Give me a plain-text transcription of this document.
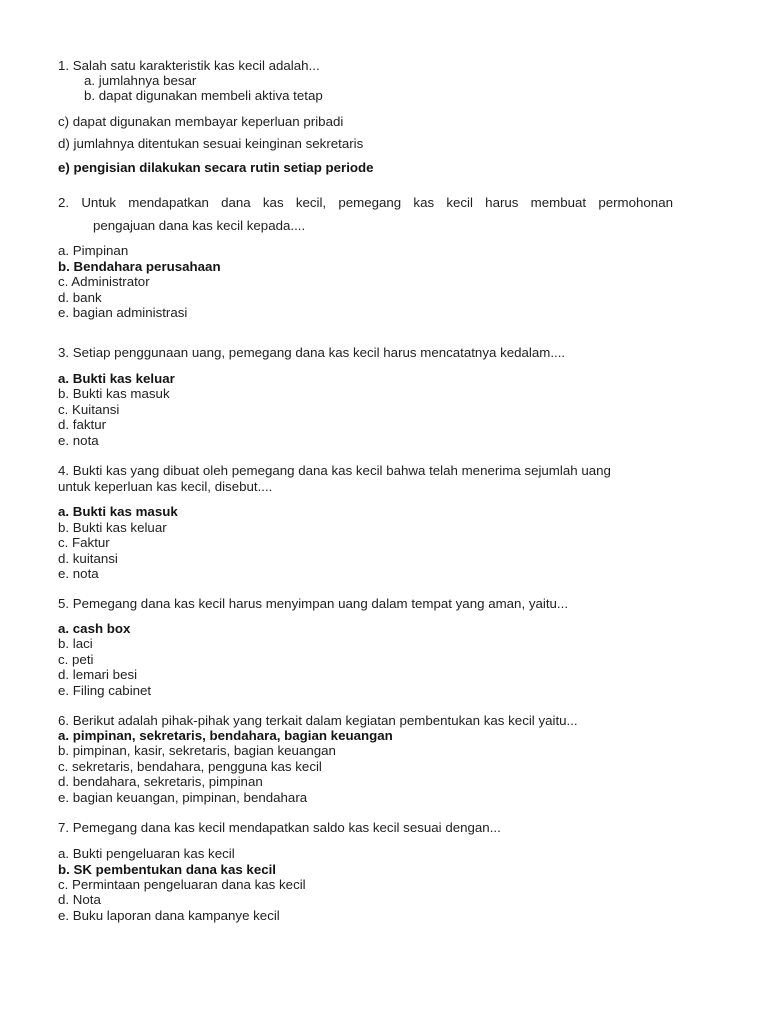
1. Salah satu karakteristik kas kecil adalah...
a. jumlahnya besar
b. dapat digunakan membeli aktiva tetap
c) dapat digunakan membayar keperluan pribadi
d) jumlahnya ditentukan sesuai keinginan sekretaris
e) pengisian dilakukan secara rutin setiap periode
2. Untuk mendapatkan dana kas kecil, pemegang kas kecil harus membuat permohonan
pengajuan dana kas kecil kepada....
a. Pimpinan
b. Bendahara perusahaan
c. Administrator
d. bank
e. bagian administrasi
3. Setiap penggunaan uang, pemegang dana kas kecil harus mencatatnya kedalam....
a. Bukti kas keluar
b. Bukti kas masuk
c. Kuitansi
d. faktur
e. nota
4. Bukti kas yang dibuat oleh pemegang dana kas kecil bahwa telah menerima sejumlah uang
untuk keperluan kas kecil, disebut....
a. Bukti kas masuk
b. Bukti kas keluar
c. Faktur
d. kuitansi
e. nota
5. Pemegang dana kas kecil harus menyimpan uang dalam tempat yang aman, yaitu...
a. cash box
b. laci
c. peti
d. lemari besi
e. Filing cabinet
6. Berikut adalah pihak-pihak yang terkait dalam kegiatan pembentukan kas kecil yaitu...
a. pimpinan, sekretaris, bendahara, bagian keuangan
b. pimpinan, kasir, sekretaris, bagian keuangan
c. sekretaris, bendahara, pengguna kas kecil
d. bendahara, sekretaris, pimpinan
e. bagian keuangan, pimpinan, bendahara
7. Pemegang dana kas kecil mendapatkan saldo kas kecil sesuai dengan...
a. Bukti pengeluaran kas kecil
b. SK pembentukan dana kas kecil
c. Permintaan pengeluaran dana kas kecil
d. Nota
e. Buku laporan dana kampanye kecil
